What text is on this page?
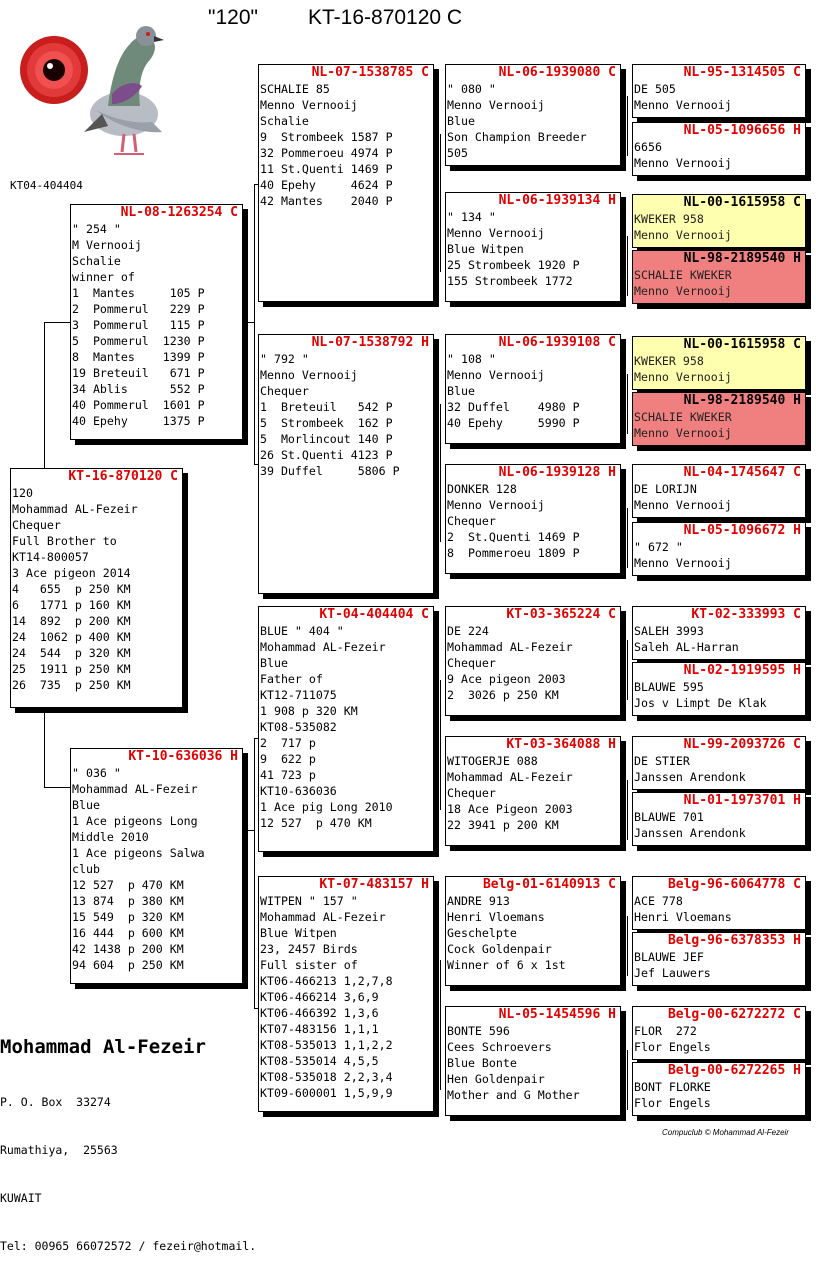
"120" KT-16-870120 C
KT04-404404
KT-16-870120 C
120
Mohammad AL-Fezeir
Chequer
Full Brother to
KT14-800057
3 Ace pigeon 2014
4   655  p 250 KM
6   1771 p 160 KM
14  892  p 200 KM
24  1062 p 400 KM
24  544  p 320 KM
25  1911 p 250 KM
26  735  p 250 KM
NL-08-1263254 C
" 254 "
M Vernooij
Schalie
winner of
1  Mantes     105 P
2  Pommerul   229 P
3  Pommerul   115 P
5  Pommerul  1230 P
8  Mantes    1399 P
19 Breteuil   671 P
34 Ablis      552 P
40 Pommerul  1601 P
40 Epehy     1375 P
KT-10-636036 H
" 036 "
Mohammad AL-Fezeir
Blue
1 Ace pigeons Long
Middle 2010
1 Ace pigeons Salwa
club
12 527  p 470 KM
13 874  p 380 KM
15 549  p 320 KM
16 444  p 600 KM
42 1438 p 200 KM
94 604  p 250 KM
NL-07-1538785 C
SCHALIE 85
Menno Vernooij
Schalie
9  Strombeek 1587 P
32 Pommeroeu 4974 P
11 St.Quenti 1469 P
40 Epehy     4624 P
42 Mantes    2040 P
NL-07-1538792 H
" 792 "
Menno Vernooij
Chequer
1  Breteuil   542 P
5  Strombeek  162 P
5  Morlincout 140 P
26 St.Quenti 4123 P
39 Duffel     5806 P
KT-04-404404 C
BLUE " 404 "
Mohammad AL-Fezeir
Blue
Father of
KT12-711075
1 908 p 320 KM
KT08-535082
2  717 p
9  622 p
41 723 p
KT10-636036
1 Ace pig Long 2010
12 527  p 470 KM
KT-07-483157 H
WITPEN " 157 "
Mohammad AL-Fezeir
Blue Witpen
23, 2457 Birds
Full sister of
KT06-466213 1,2,7,8
KT06-466214 3,6,9
KT06-466392 1,3,6
KT07-483156 1,1,1
KT08-535013 1,1,2,2
KT08-535014 4,5,5
KT08-535018 2,2,3,4
KT09-600001 1,5,9,9
NL-06-1939080 C
" 080 "
Menno Vernooij
Blue
Son Champion Breeder
505
NL-06-1939134 H
" 134 "
Menno Vernooij
Blue Witpen
25 Strombeek 1920 P
155 Strombeek 1772
NL-06-1939108 C
" 108 "
Menno Vernooij
Blue
32 Duffel    4980 P
40 Epehy     5990 P
NL-06-1939128 H
DONKER 128
Menno Vernooij
Chequer
2  St.Quenti 1469 P
8  Pommeroeu 1809 P
KT-03-365224 C
DE 224
Mohammad AL-Fezeir
Chequer
9 Ace pigeon 2003
2  3026 p 250 KM
KT-03-364088 H
WITOGERJE 088
Mohammad AL-Fezeir
Chequer
18 Ace Pigeon 2003
22 3941 p 200 KM
Belg-01-6140913 C
ANDRE 913
Henri Vloemans
Geschelpte
Cock Goldenpair
Winner of 6 x 1st
NL-05-1454596 H
BONTE 596
Cees Schroevers
Blue Bonte
Hen Goldenpair
Mother and G Mother
NL-95-1314505 C
DE 505
Menno Vernooij
NL-05-1096656 H
6656
Menno Vernooij
NL-00-1615958 C
KWEKER 958
Menno Vernooij
NL-98-2189540 H
SCHALIE KWEKER
Menno Vernooij
NL-00-1615958 C
KWEKER 958
Menno Vernooij
NL-98-2189540 H
SCHALIE KWEKER
Menno Vernooij
NL-04-1745647 C
DE LORIJN
Menno Vernooij
NL-05-1096672 H
" 672 "
Menno Vernooij
KT-02-333993 C
SALEH 3993
Saleh AL-Harran
NL-02-1919595 H
BLAUWE 595
Jos v Limpt De Klak
NL-99-2093726 C
DE STIER
Janssen Arendonk
NL-01-1973701 H
BLAUWE 701
Janssen Arendonk
Belg-96-6064778 C
ACE 778
Henri Vloemans
Belg-96-6378353 H
BLAUWE JEF
Jef Lauwers
Belg-00-6272272 C
FLOR  272
Flor Engels
Belg-00-6272265 H
BONT FLORKE
Flor Engels
Mohammad Al-Fezeir

P. O. Box  33274

Rumathiya,  25563

KUWAIT

Tel: 00965 66072572 / fezeir@hotmail.

Compuclub © Mohammad Al-Fezeir
